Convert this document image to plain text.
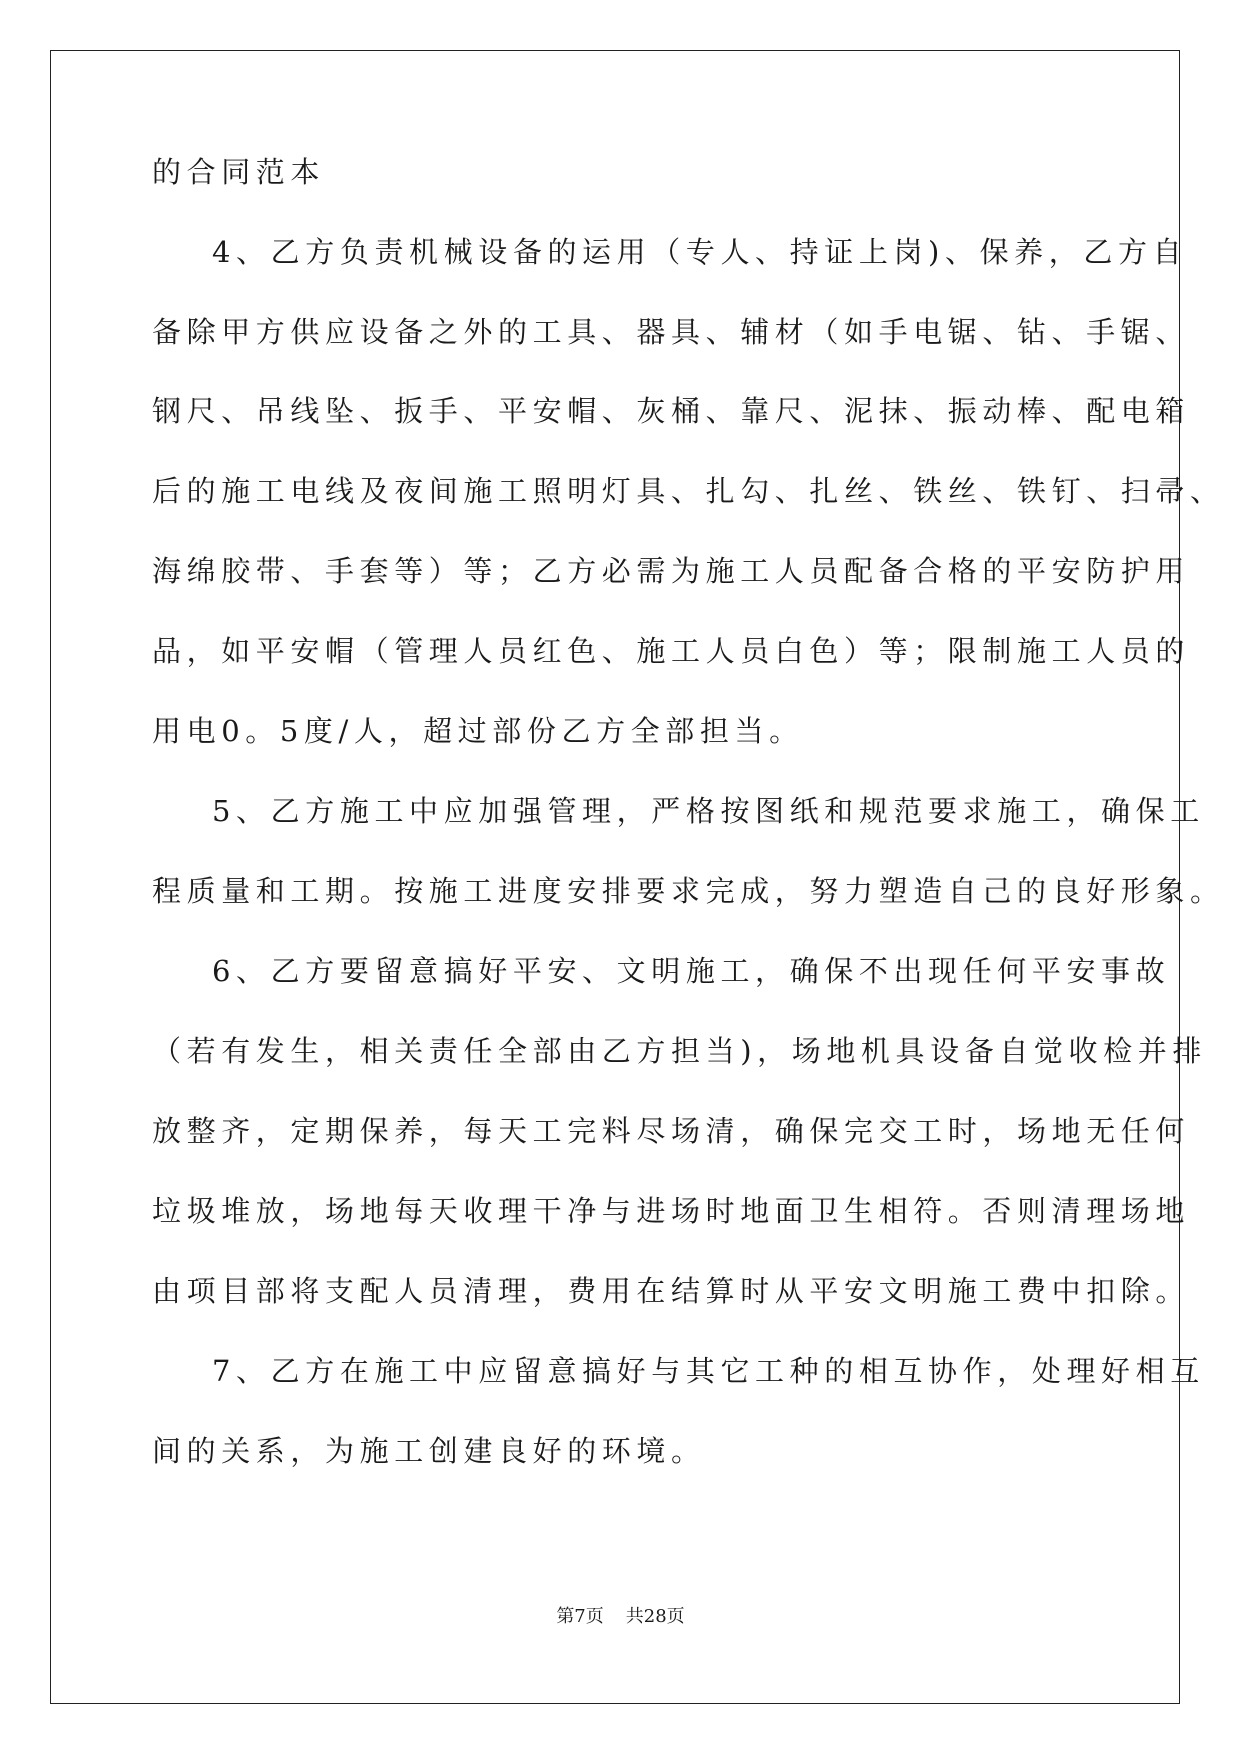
的合同范本
4、乙方负责机械设备的运用（专人、持证上岗)、保养，乙方自
备除甲方供应设备之外的工具、器具、辅材（如手电锯、钻、手锯、
钢尺、吊线坠、扳手、平安帽、灰桶、靠尺、泥抹、振动棒、配电箱
后的施工电线及夜间施工照明灯具、扎勾、扎丝、铁丝、铁钉、扫帚、
海绵胶带、手套等）等；乙方必需为施工人员配备合格的平安防护用
品，如平安帽（管理人员红色、施工人员白色）等；限制施工人员的
用电0。5度/人，超过部份乙方全部担当。
5、乙方施工中应加强管理，严格按图纸和规范要求施工，确保工
程质量和工期。按施工进度安排要求完成，努力塑造自己的良好形象。
6、乙方要留意搞好平安、文明施工，确保不出现任何平安事故
（若有发生，相关责任全部由乙方担当)，场地机具设备自觉收检并排
放整齐，定期保养，每天工完料尽场清，确保完交工时，场地无任何
垃圾堆放，场地每天收理干净与进场时地面卫生相符。否则清理场地
由项目部将支配人员清理，费用在结算时从平安文明施工费中扣除。
7、乙方在施工中应留意搞好与其它工种的相互协作，处理好相互
间的关系，为施工创建良好的环境。
第7页 共28页
